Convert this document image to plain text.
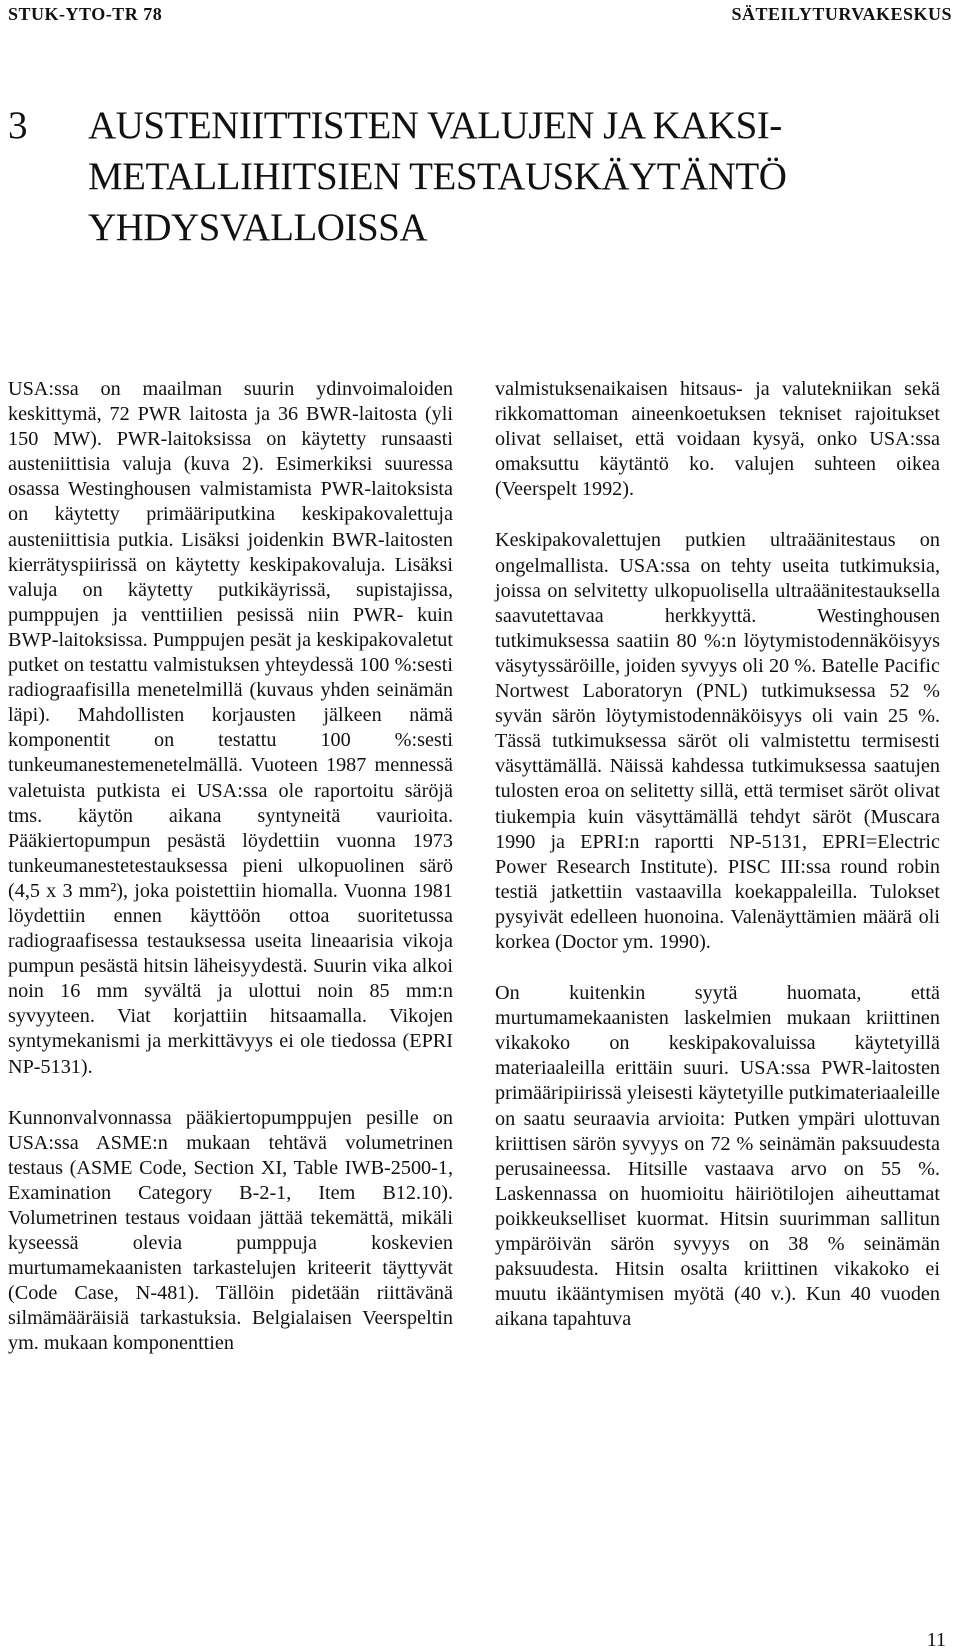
STUK-YTO-TR 78	SÄTEILYTURVAKESKUS
3 AUSTENIITTISTEN VALUJEN JA KAKSI-
METALLIHITSIEN TESTAUSKÄYTÄNTÖ
YHDYSVALLOISSA

USA:ssa on maailman suurin ydinvoimaloiden keskittymä, 72 PWR laitosta ja 36 BWR-laitosta (yli 150 MW). PWR-laitoksissa on käytetty runsaasti austeniittisia valuja (kuva 2). Esimerkiksi suuressa osassa Westinghousen valmistamista PWR-laitoksista on käytetty primääriputkina keskipakovalettuja austeniittisia putkia. Lisäksi joidenkin BWR-laitosten kierrätyspiirissä on käytetty keskipakovaluja. Lisäksi valuja on käytetty putkikäyrissä, supistajissa, pumppujen ja venttiilien pesissä niin PWR- kuin BWP-laitoksissa. Pumppujen pesät ja keskipakovaletut putket on testattu valmistuksen yhteydessä 100 %:sesti radiograafisilla menetelmillä (kuvaus yhden seinämän läpi). Mahdollisten korjausten jälkeen nämä komponentit on testattu 100 %:sesti tunkeumanestemenetelmällä. Vuoteen 1987 mennessä valetuista putkista ei USA:ssa ole raportoitu säröjä tms. käytön aikana syntyneitä vaurioita. Pääkiertopumpun pesästä löydettiin vuonna 1973 tunkeumanestetestauksessa pieni ulkopuolinen särö (4,5 x 3 mm²), joka poistettiin hiomalla. Vuonna 1981 löydettiin ennen käyttöön ottoa suoritetussa radiograafisessa testauksessa useita lineaarisia vikoja pumpun pesästä hitsin läheisyydestä. Suurin vika alkoi noin 16 mm syvältä ja ulottui noin 85 mm:n syvyyteen. Viat korjattiin hitsaamalla. Vikojen syntymekanismi ja merkittävyys ei ole tiedossa (EPRI NP-5131).

Kunnonvalvonnassa pääkiertopumppujen pesille on USA:ssa ASME:n mukaan tehtävä volumetrinen testaus (ASME Code, Section XI, Table IWB-2500-1, Examination Category B-2-1, Item B12.10). Volumetrinen testaus voidaan jättää tekemättä, mikäli kyseessä olevia pumppuja koskevien murtumamekaanisten tarkastelujen kriteerit täyttyvät (Code Case, N-481). Tällöin pidetään riittävänä silmämääräisiä tarkastuksia. Belgialaisen Veerspeltin ym. mukaan komponenttien

valmistuksenaikaisen hitsaus- ja valutekniikan sekä rikkomattoman aineenkoetuksen tekniset rajoitukset olivat sellaiset, että voidaan kysyä, onko USA:ssa omaksuttu käytäntö ko. valujen suhteen oikea (Veerspelt 1992).

Keskipakovalettujen putkien ultraäänitestaus on ongelmallista. USA:ssa on tehty useita tutkimuksia, joissa on selvitetty ulkopuolisella ultraäänitestauksella saavutettavaa herkkyyttä. Westinghousen tutkimuksessa saatiin 80 %:n löytymistodennäköisyys väsytyssäröille, joiden syvyys oli 20 %. Batelle Pacific Nortwest Laboratoryn (PNL) tutkimuksessa 52 % syvän särön löytymistodennäköisyys oli vain 25 %. Tässä tutkimuksessa säröt oli valmistettu termisesti väsyttämällä. Näissä kahdessa tutkimuksessa saatujen tulosten eroa on selitetty sillä, että termiset säröt olivat tiukempia kuin väsyttämällä tehdyt säröt (Muscara 1990 ja EPRI:n raportti NP-5131, EPRI=Electric Power Research Institute). PISC III:ssa round robin testiä jatkettiin vastaavilla koekappaleilla. Tulokset pysyivät edelleen huonoina. Valenäyttämien määrä oli korkea (Doctor ym. 1990).

On kuitenkin syytä huomata, että murtumamekaanisten laskelmien mukaan kriittinen vikakoko on keskipakovaluissa käytetyillä materiaaleilla erittäin suuri. USA:ssa PWR-laitosten primääripiirissä yleisesti käytetyille putkimateriaaleille on saatu seuraavia arvioita: Putken ympäri ulottuvan kriittisen särön syvyys on 72 % seinämän paksuudesta perusaineessa. Hitsille vastaava arvo on 55 %. Laskennassa on huomioitu häiriötilojen aiheuttamat poikkeukselliset kuormat. Hitsin suurimman sallitun ympäröivän särön syvyys on 38 % seinämän paksuudesta. Hitsin osalta kriittinen vikakoko ei muutu ikääntymisen myötä (40 v.). Kun 40 vuoden aikana tapahtuva

11
